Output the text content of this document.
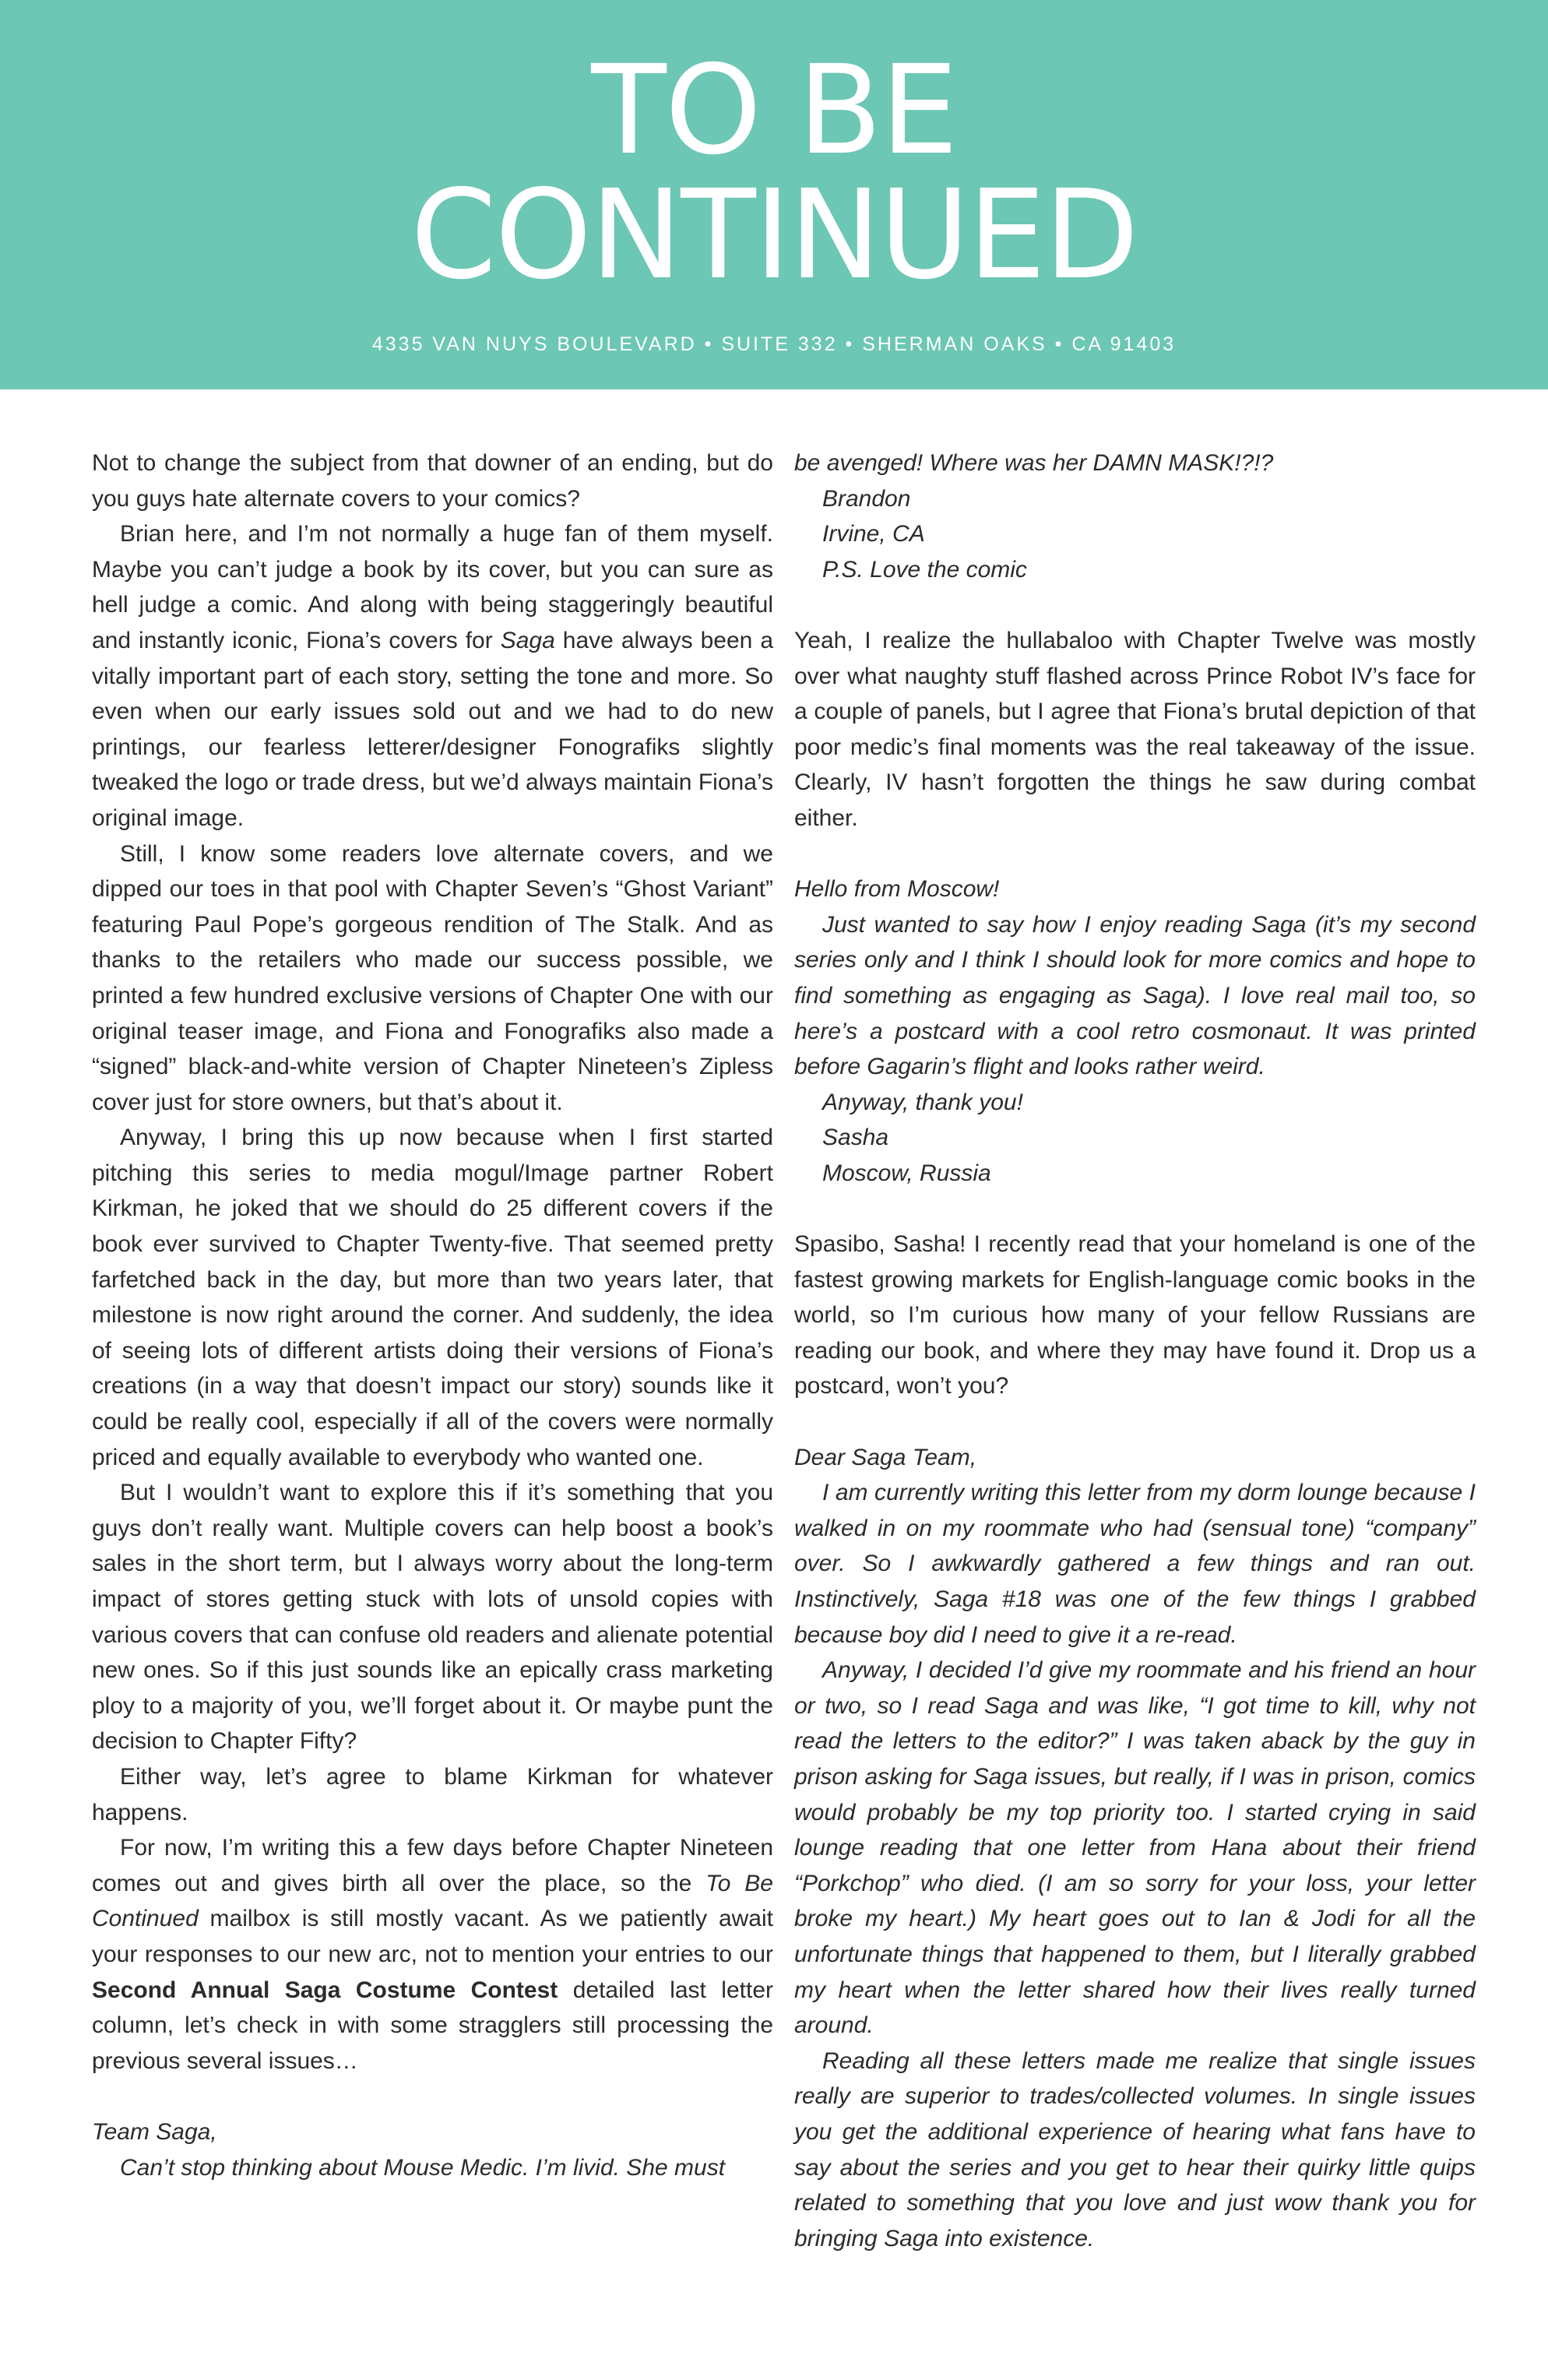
TO BE
CONTINUED
4335 VAN NUYS BOULEVARD • SUITE 332 • SHERMAN OAKS • CA 91403

Not to change the subject from that downer of an ending, but do you guys hate alternate covers to your comics?

Brian here, and I’m not normally a huge fan of them myself. Maybe you can’t judge a book by its cover, but you can sure as hell judge a comic. And along with being staggeringly beautiful and instantly iconic, Fiona’s covers for Saga have always been a vitally important part of each story, setting the tone and more. So even when our early issues sold out and we had to do new printings, our fearless letterer/designer Fonografiks slightly tweaked the logo or trade dress, but we’d always maintain Fiona’s original image.

Still, I know some readers love alternate covers, and we dipped our toes in that pool with Chapter Seven’s “Ghost Variant” featuring Paul Pope’s gorgeous rendition of The Stalk. And as thanks to the retailers who made our success possible, we printed a few hundred exclusive versions of Chapter One with our original teaser image, and Fiona and Fonografiks also made a “signed” black-and-white version of Chapter Nineteen’s Zipless cover just for store owners, but that’s about it.

Anyway, I bring this up now because when I first started pitching this series to media mogul/Image partner Robert Kirkman, he joked that we should do 25 different covers if the book ever survived to Chapter Twenty-five. That seemed pretty farfetched back in the day, but more than two years later, that milestone is now right around the corner. And suddenly, the idea of seeing lots of different artists doing their versions of Fiona’s creations (in a way that doesn’t impact our story) sounds like it could be really cool, especially if all of the covers were normally priced and equally available to everybody who wanted one.

But I wouldn’t want to explore this if it’s something that you guys don’t really want. Multiple covers can help boost a book’s sales in the short term, but I always worry about the long-term impact of stores getting stuck with lots of unsold copies with various covers that can confuse old readers and alienate potential new ones. So if this just sounds like an epically crass marketing ploy to a majority of you, we’ll forget about it. Or maybe punt the decision to Chapter Fifty?

Either way, let’s agree to blame Kirkman for whatever happens.

For now, I’m writing this a few days before Chapter Nineteen comes out and gives birth all over the place, so the To Be Continued mailbox is still mostly vacant. As we patiently await your responses to our new arc, not to mention your entries to our Second Annual Saga Costume Contest detailed last letter column, let’s check in with some stragglers still processing the previous several issues…

Team Saga,

Can’t stop thinking about Mouse Medic. I’m livid. She must

be avenged! Where was her DAMN MASK!?!?

Brandon

Irvine, CA

P.S. Love the comic

Yeah, I realize the hullabaloo with Chapter Twelve was mostly over what naughty stuff flashed across Prince Robot IV’s face for a couple of panels, but I agree that Fiona’s brutal depiction of that poor medic’s final moments was the real takeaway of the issue. Clearly, IV hasn’t forgotten the things he saw during combat either.

Hello from Moscow!

Just wanted to say how I enjoy reading Saga (it’s my second series only and I think I should look for more comics and hope to find something as engaging as Saga). I love real mail too, so here’s a postcard with a cool retro cosmonaut. It was printed before Gagarin’s flight and looks rather weird.

Anyway, thank you!

Sasha

Moscow, Russia

Spasibo, Sasha! I recently read that your homeland is one of the fastest growing markets for English-language comic books in the world, so I’m curious how many of your fellow Russians are reading our book, and where they may have found it. Drop us a postcard, won’t you?

Dear Saga Team,

I am currently writing this letter from my dorm lounge because I walked in on my roommate who had (sensual tone) “company” over. So I awkwardly gathered a few things and ran out. Instinctively, Saga #18 was one of the few things I grabbed because boy did I need to give it a re-read.

Anyway, I decided I’d give my roommate and his friend an hour or two, so I read Saga and was like, “I got time to kill, why not read the letters to the editor?” I was taken aback by the guy in prison asking for Saga issues, but really, if I was in prison, comics would probably be my top priority too. I started crying in said lounge reading that one letter from Hana about their friend “Porkchop” who died. (I am so sorry for your loss, your letter broke my heart.) My heart goes out to Ian & Jodi for all the unfortunate things that happened to them, but I literally grabbed my heart when the letter shared how their lives really turned around.

Reading all these letters made me realize that single issues really are superior to trades/collected volumes. In single issues you get the additional experience of hearing what fans have to say about the series and you get to hear their quirky little quips related to something that you love and just wow thank you for bringing Saga into existence.
